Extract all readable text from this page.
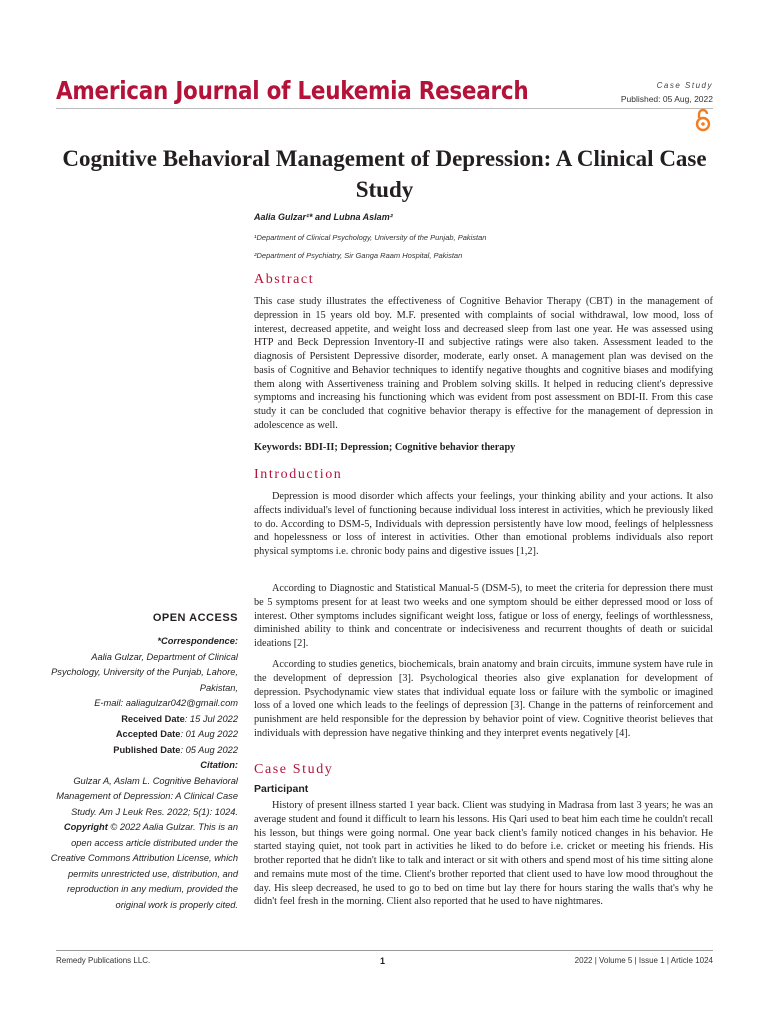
American Journal of Leukemia Research	Case Study
Published: 05 Aug, 2022
Cognitive Behavioral Management of Depression: A Clinical Case Study
Aalia Gulzar¹* and Lubna Aslam²
¹Department of Clinical Psychology, University of the Punjab, Pakistan
²Department of Psychiatry, Sir Ganga Raam Hospital, Pakistan
Abstract
This case study illustrates the effectiveness of Cognitive Behavior Therapy (CBT) in the management of depression in 15 years old boy. M.F. presented with complaints of social withdrawal, low mood, loss of interest, decreased appetite, and weight loss and decreased sleep from last one year. He was assessed using HTP and Beck Depression Inventory-II and subjective ratings were also taken. Assessment leaded to the diagnosis of Persistent Depressive disorder, moderate, early onset. A management plan was devised on the basis of Cognitive and Behavior techniques to identify negative thoughts and cognitive biases and modifying them along with Assertiveness training and Problem solving skills. It helped in reducing client's depressive symptoms and increasing his functioning which was evident from post assessment on BDI-II. From this case study it can be concluded that cognitive behavior therapy is effective for the management of depression in adolescence as well.
Keywords: BDI-II; Depression; Cognitive behavior therapy
Introduction
Depression is mood disorder which affects your feelings, your thinking ability and your actions. It also affects individual's level of functioning because individual loss interest in activities, which he previously liked to do. According to DSM-5, Individuals with depression persistently have low mood, feelings of helplessness and hopelessness or loss of interest in activities. Other than emotional problems individuals also report physical symptoms i.e. chronic body pains and digestive issues [1,2].
According to Diagnostic and Statistical Manual-5 (DSM-5), to meet the criteria for depression there must be 5 symptoms present for at least two weeks and one symptom should be either depressed mood or loss of interest. Other symptoms includes significant weight loss, fatigue or loss of energy, feelings of worthlessness, diminished ability to think and concentrate or indecisiveness and recurrent thoughts of death or suicidal ideations [2].
According to studies genetics, biochemicals, brain anatomy and brain circuits, immune system have rule in the development of depression [3]. Psychological theories also give explanation for development of depression. Psychodynamic view states that individual equate loss or failure with the symbolic or imagined loss of a loved one which leads to the feelings of depression [3]. Change in the patterns of reinforcement and punishment are held responsible for the depression by behavior point of view. Cognitive theorist believes that individuals with depression have negative thinking and they interpret events negatively [4].
Case Study
Participant
History of present illness started 1 year back. Client was studying in Madrasa from last 3 years; he was an average student and found it difficult to learn his lessons. His Qari used to beat him each time he couldn't recall his lesson, but things were going normal. One year back client's family noticed changes in his behavior. He started staying quiet, not took part in activities he liked to do before i.e. cricket or meeting his friends. His brother reported that he didn't like to talk and interact or sit with others and spend most of his time sitting alone and remains mute most of the time. Client's brother reported that client used to have low mood throughout the day. His sleep decreased, he used to go to bed on time but lay there for hours staring the walls that's why he didn't feel fresh in the morning. Client also reported that he used to have nightmares.
OPEN ACCESS
*Correspondence:
Aalia Gulzar, Department of Clinical Psychology, University of the Punjab, Lahore, Pakistan,
E-mail: aaliagulzar042@gmail.com
Received Date: 15 Jul 2022
Accepted Date: 01 Aug 2022
Published Date: 05 Aug 2022
Citation:
Gulzar A, Aslam L. Cognitive Behavioral Management of Depression: A Clinical Case Study. Am J Leuk Res. 2022; 5(1): 1024.
Copyright © 2022 Aalia Gulzar. This is an open access article distributed under the Creative Commons Attribution License, which permits unrestricted use, distribution, and reproduction in any medium, provided the original work is properly cited.
Remedy Publications LLC.	1	2022 | Volume 5 | Issue 1 | Article 1024
